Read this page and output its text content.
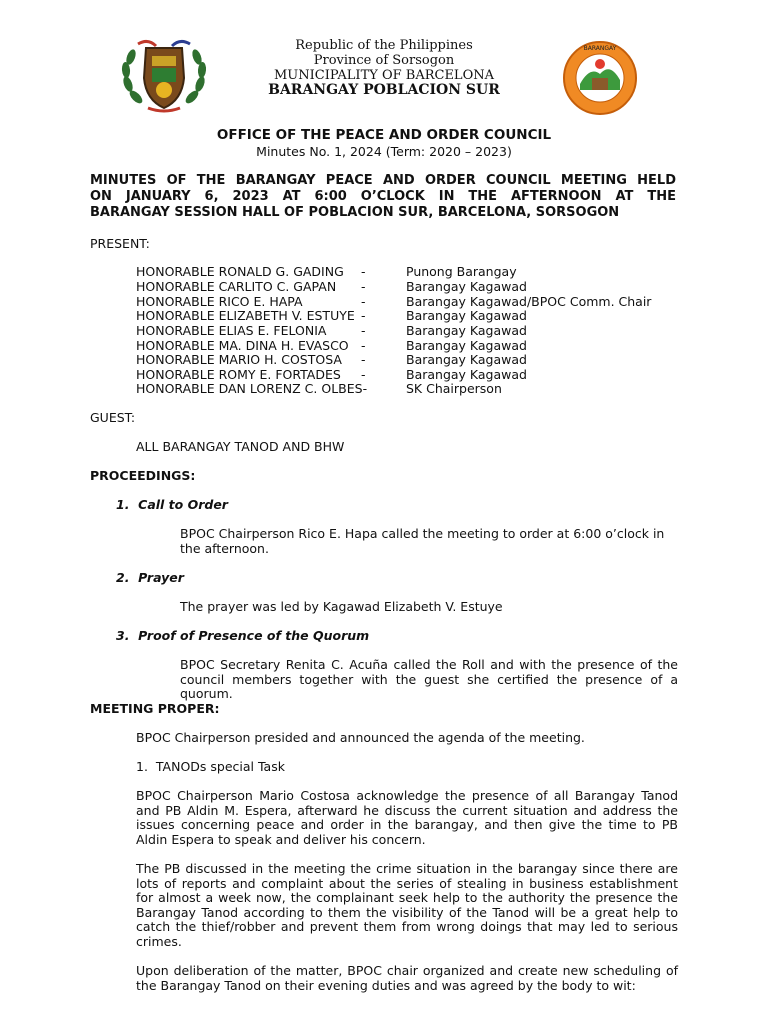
BARANGAY
Republic of the Philippines
Province of Sorsogon
MUNICIPALITY OF BARCELONA
BARANGAY POBLACION SUR
OFFICE OF THE PEACE AND ORDER COUNCIL
Minutes No. 1, 2024 (Term: 2020 – 2023)
MINUTES OF THE BARANGAY PEACE AND ORDER COUNCIL MEETING HELD
ON JANUARY 6, 2023 AT 6:00 O’CLOCK IN THE AFTERNOON AT THE
BARANGAY SESSION HALL OF POBLACION SUR, BARCELONA, SORSOGON
PRESENT:
HONORABLE RONALD G. GADING -	Punong Barangay
HONORABLE CARLITO C. GAPAN -	Barangay Kagawad
HONORABLE RICO E. HAPA	-	Barangay Kagawad/BPOC Comm. Chair
HONORABLE ELIZABETH V. ESTUYE -	Barangay Kagawad
HONORABLE ELIAS E. FELONIA	-	Barangay Kagawad
HONORABLE MA. DINA H. EVASCO -	Barangay Kagawad
HONORABLE MARIO H. COSTOSA -	Barangay Kagawad
HONORABLE ROMY E. FORTADES -	Barangay Kagawad
HONORABLE DAN LORENZ C. OLBES-	SK Chairperson
GUEST:
ALL BARANGAY TANOD AND BHW
PROCEEDINGS:
1.  Call to Order
BPOC Chairperson Rico E. Hapa called the meeting to order at 6:00 o’clock in the afternoon.
2.  Prayer
The prayer was led by Kagawad Elizabeth V. Estuye
3.  Proof of Presence of the Quorum
BPOC Secretary Renita C. Acuña called the Roll and with the presence of the council members together with the guest she certified the presence of a quorum.
MEETING PROPER:
BPOC Chairperson presided and announced the agenda of the meeting.
1.  TANODs special Task
BPOC Chairperson Mario Costosa acknowledge the presence of all Barangay Tanod and PB Aldin M. Espera, afterward he discuss the current situation and address the issues concerning peace and order in the barangay, and then give the time to PB Aldin Espera to speak and deliver his concern.
The PB discussed in the meeting the crime situation in the barangay since there are lots of reports and complaint about the series of stealing in business establishment for almost a week now, the complainant seek help to the authority the presence the Barangay Tanod according to them the visibility of the Tanod will be a great help to catch the thief/robber and prevent them from wrong doings that may led to serious crimes.
Upon deliberation of the matter, BPOC chair organized and create new scheduling of the Barangay Tanod on their evening duties and was agreed by the body to wit:
